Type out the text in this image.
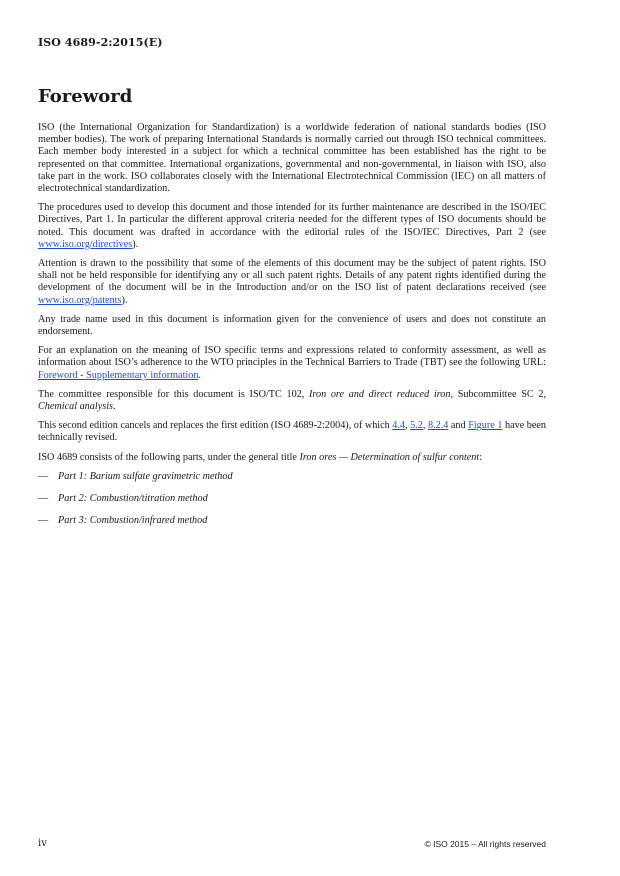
ISO 4689-2:2015(E)
Foreword

ISO (the International Organization for Standardization) is a worldwide federation of national standards bodies (ISO member bodies). The work of preparing International Standards is normally carried out through ISO technical committees. Each member body interested in a subject for which a technical committee has been established has the right to be represented on that committee. International organizations, governmental and non-governmental, in liaison with ISO, also take part in the work. ISO collaborates closely with the International Electrotechnical Commission (IEC) on all matters of electrotechnical standardization.

The procedures used to develop this document and those intended for its further maintenance are described in the ISO/IEC Directives, Part 1. In particular the different approval criteria needed for the different types of ISO documents should be noted. This document was drafted in accordance with the editorial rules of the ISO/IEC Directives, Part 2 (see www.iso.org/directives).

Attention is drawn to the possibility that some of the elements of this document may be the subject of patent rights. ISO shall not be held responsible for identifying any or all such patent rights. Details of any patent rights identified during the development of the document will be in the Introduction and/or on the ISO list of patent declarations received (see www.iso.org/patents).

Any trade name used in this document is information given for the convenience of users and does not constitute an endorsement.

For an explanation on the meaning of ISO specific terms and expressions related to conformity assessment, as well as information about ISO’s adherence to the WTO principles in the Technical Barriers to Trade (TBT) see the following URL: Foreword - Supplementary information.

The committee responsible for this document is ISO/TC 102, Iron ore and direct reduced iron, Subcommittee SC 2, Chemical analysis.

This second edition cancels and replaces the first edition (ISO 4689-2:2004), of which 4.4, 5.2, 8.2.4 and Figure 1 have been technically revised.

ISO 4689 consists of the following parts, under the general title Iron ores — Determination of sulfur content:

— Part 1: Barium sulfate gravimetric method
— Part 2: Combustion/titration method
— Part 3: Combustion/infrared method
iv	© ISO 2015 – All rights reserved
